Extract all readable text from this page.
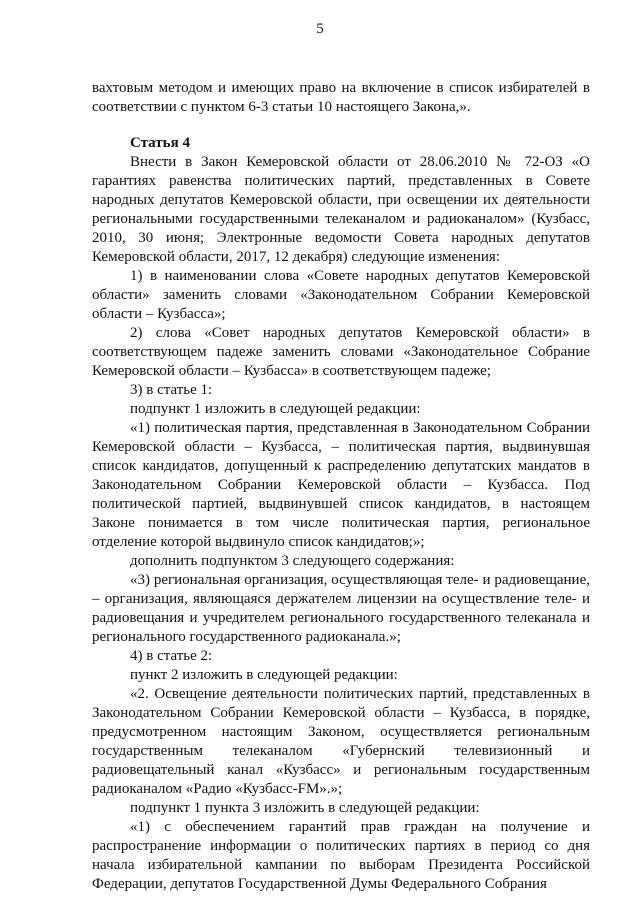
5

вахтовым методом и имеющих право на включение в список избирателей в соответствии с пунктом 6-3 статьи 10 настоящего Закона,».

Статья 4

Внести в Закон Кемеровской области от 28.06.2010 № 72-ОЗ «О гарантиях равенства политических партий, представленных в Совете народных депутатов Кемеровской области, при освещении их деятельности региональными государственными телеканалом и радиоканалом» (Кузбасс, 2010, 30 июня; Электронные ведомости Совета народных депутатов Кемеровской области, 2017, 12 декабря) следующие изменения:

1) в наименовании слова «Совете народных депутатов Кемеровской области» заменить словами «Законодательном Собрании Кемеровской области – Кузбасса»;

2) слова «Совет народных депутатов Кемеровской области» в соответствующем падеже заменить словами «Законодательное Собрание Кемеровской области – Кузбасса» в соответствующем падеже;

3) в статье 1:

подпункт 1 изложить в следующей редакции:

«1) политическая партия, представленная в Законодательном Собрании Кемеровской области – Кузбасса, – политическая партия, выдвинувшая список кандидатов, допущенный к распределению депутатских мандатов в Законодательном Собрании Кемеровской области – Кузбасса. Под политической партией, выдвинувшей список кандидатов, в настоящем Законе понимается в том числе политическая партия, региональное отделение которой выдвинуло список кандидатов;»;

дополнить подпунктом 3 следующего содержания:

«3) региональная организация, осуществляющая теле- и радиовещание, – организация, являющаяся держателем лицензии на осуществление теле- и радиовещания и учредителем регионального государственного телеканала и регионального государственного радиоканала.»;

4) в статье 2:

пункт 2 изложить в следующей редакции:

«2. Освещение деятельности политических партий, представленных в Законодательном Собрании Кемеровской области – Кузбасса, в порядке, предусмотренном настоящим Законом, осуществляется региональным государственным телеканалом «Губернский телевизионный и радиовещательный канал «Кузбасс» и региональным государственным радиоканалом «Радио «Кузбасс-FM».»;

подпункт 1 пункта 3 изложить в следующей редакции:

«1) с обеспечением гарантий прав граждан на получение и распространение информации о политических партиях в период со дня начала избирательной кампании по выборам Президента Российской Федерации, депутатов Государственной Думы Федерального Собрания
